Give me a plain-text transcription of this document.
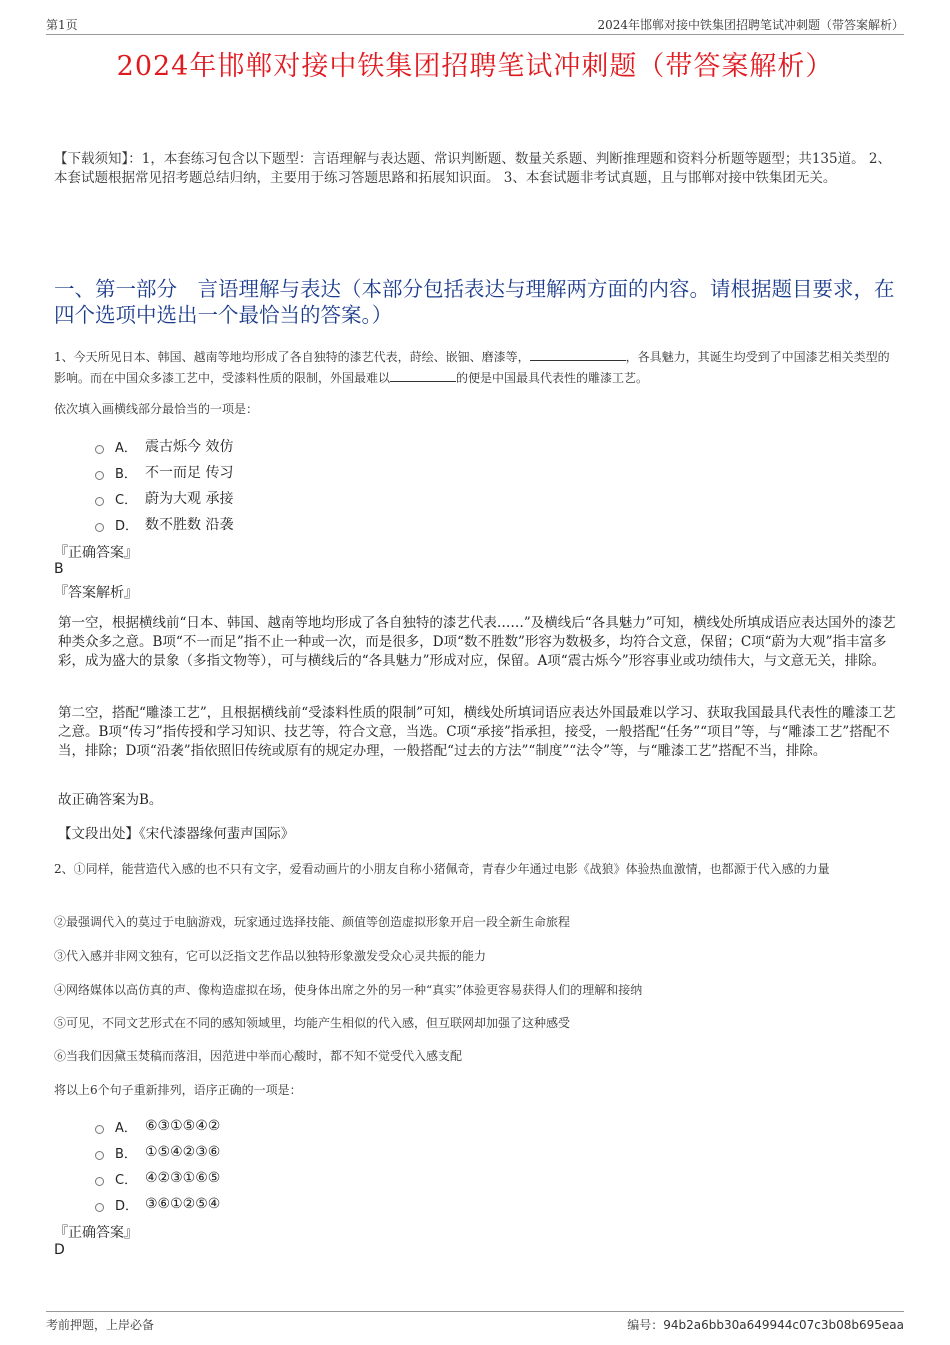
第1页	2024年邯郸对接中铁集团招聘笔试冲刺题（带答案解析）
2024年邯郸对接中铁集团招聘笔试冲刺题（带答案解析）
【下载须知】：1，本套练习包含以下题型：言语理解与表达题、常识判断题、数量关系题、判断推理题和资料分析题等题型；共135道。 2、本套试题根据常见招考题总结归纳，主要用于练习答题思路和拓展知识面。 3、本套试题非考试真题，且与邯郸对接中铁集团无关。
一、第一部分　言语理解与表达（本部分包括表达与理解两方面的内容。请根据题目要求，在四个选项中选出一个最恰当的答案。）
1、今天所见日本、韩国、越南等地均形成了各自独特的漆艺代表，莳绘、嵌钿、磨漆等，	，各具魅力，其诞生均受到了中国漆艺相关类型的影响。而在中国众多漆工艺中，受漆料性质的限制，外国最难以	的便是中国最具代表性的雕漆工艺。
依次填入画横线部分最恰当的一项是：
A． 震古烁今 效仿
B． 不一而足 传习
C． 蔚为大观 承接
D． 数不胜数 沿袭
『正确答案』
B
『答案解析』
第一空，根据横线前“日本、韩国、越南等地均形成了各自独特的漆艺代表……”及横线后“各具魅力”可知，横线处所填成语应表达国外的漆艺种类众多之意。B项“不一而足”指不止一种或一次，而是很多，D项“数不胜数”形容为数极多，均符合文意，保留；C项“蔚为大观”指丰富多彩，成为盛大的景象（多指文物等），可与横线后的“各具魅力”形成对应，保留。A项“震古烁今”形容事业或功绩伟大，与文意无关，排除。
第二空，搭配“雕漆工艺”，且根据横线前“受漆料性质的限制”可知，横线处所填词语应表达外国最难以学习、获取我国最具代表性的雕漆工艺之意。B项“传习”指传授和学习知识、技艺等，符合文意，当选。C项“承接”指承担，接受，一般搭配“任务”“项目”等，与“雕漆工艺”搭配不当，排除；D项“沿袭”指依照旧传统或原有的规定办理，一般搭配“过去的方法”“制度”“法令”等，与“雕漆工艺”搭配不当，排除。
故正确答案为B。
【文段出处】《宋代漆器缘何蜚声国际》
2、①同样，能营造代入感的也不只有文字，爱看动画片的小朋友自称小猪佩奇，青春少年通过电影《战狼》体验热血激情，也都源于代入感的力量
②最强调代入的莫过于电脑游戏，玩家通过选择技能、颜值等创造虚拟形象开启一段全新生命旅程
③代入感并非网文独有，它可以泛指文艺作品以独特形象激发受众心灵共振的能力
④网络媒体以高仿真的声、像构造虚拟在场，使身体出席之外的另一种“真实”体验更容易获得人们的理解和接纳
⑤可见，不同文艺形式在不同的感知领域里，均能产生相似的代入感，但互联网却加强了这种感受
⑥当我们因黛玉焚稿而落泪，因范进中举而心酸时，都不知不觉受代入感支配
将以上6个句子重新排列，语序正确的一项是：
A． ⑥③①⑤④②
B． ①⑤④②③⑥
C． ④②③①⑥⑤
D． ③⑥①②⑤④
『正确答案』
D
考前押题，上岸必备	编号：94b2a6bb30a649944c07c3b08b695eaa
